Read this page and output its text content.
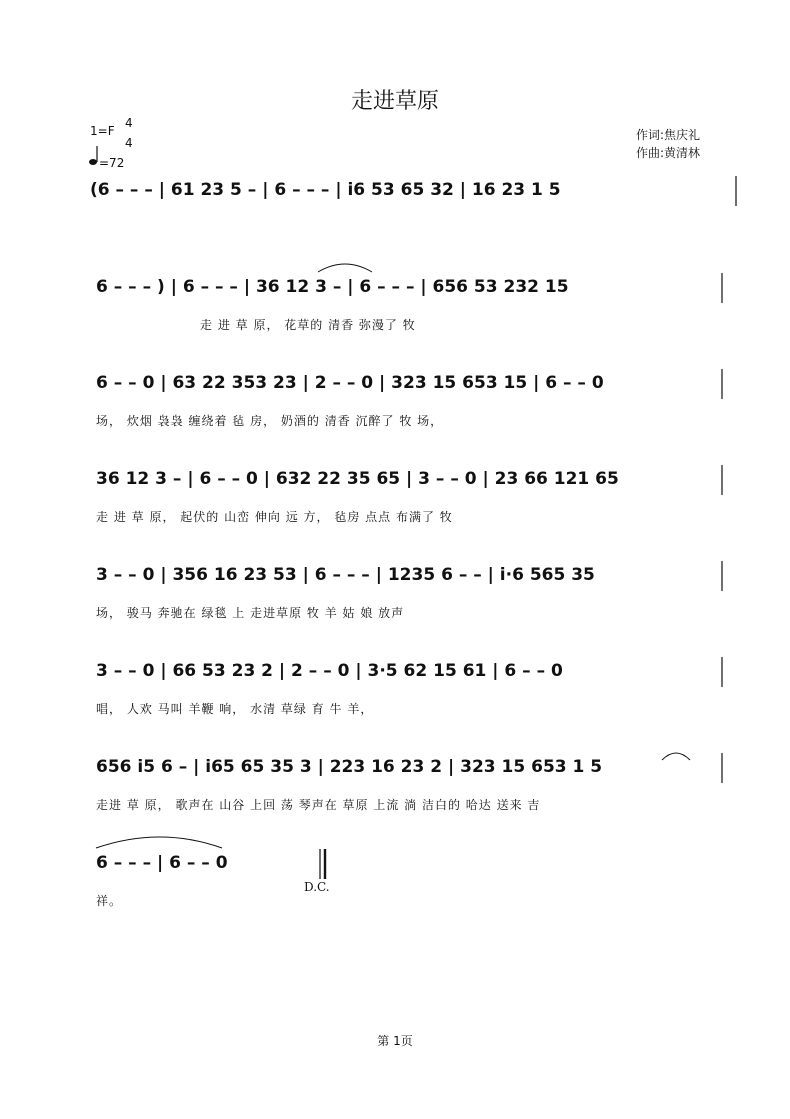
走进草原
1=F
4
4
=72
作词:焦庆礼
作曲:黄清林
(6 – – – | 61 23 5 – | 6 – – – | i6 53 65 32 | 16 23 1 5
6 – – – ) | 6 – – – | 36 12 3 – | 6 – – – | 656 53 232 15
走 进 草 原， 花草的 清香 弥漫了 牧
6 – – 0 | 63 22 353 23 | 2 – – 0 | 323 15 653 15 | 6 – – 0
场， 炊烟 袅袅 缠绕着 毡 房， 奶酒的 清香 沉醉了 牧 场，
36 12 3 – | 6 – – 0 | 632 22 35 65 | 3 – – 0 | 23 66 121 65
走 进 草 原， 起伏的 山峦 伸向 远 方， 毡房 点点 布满了 牧
3 – – 0 | 356 16 23 53 | 6 – – – | 1235 6 – – | i·6 565 35
场， 骏马 奔驰在 绿毯 上 走进草原 牧 羊 姑 娘 放声
3 – – 0 | 66 53 23 2 | 2 – – 0 | 3·5 62 15 61 | 6 – – 0
唱， 人欢 马叫 羊鞭 响， 水清 草绿 育 牛 羊，
656 i5 6 – | i65 65 35 3 | 223 16 23 2 | 323 15 653 1 5
走进 草 原， 歌声在 山谷 上回 荡 琴声在 草原 上流 淌 洁白的 哈达 送来 吉
6 – – – | 6 – – 0
祥。
D.C.
第 1页
